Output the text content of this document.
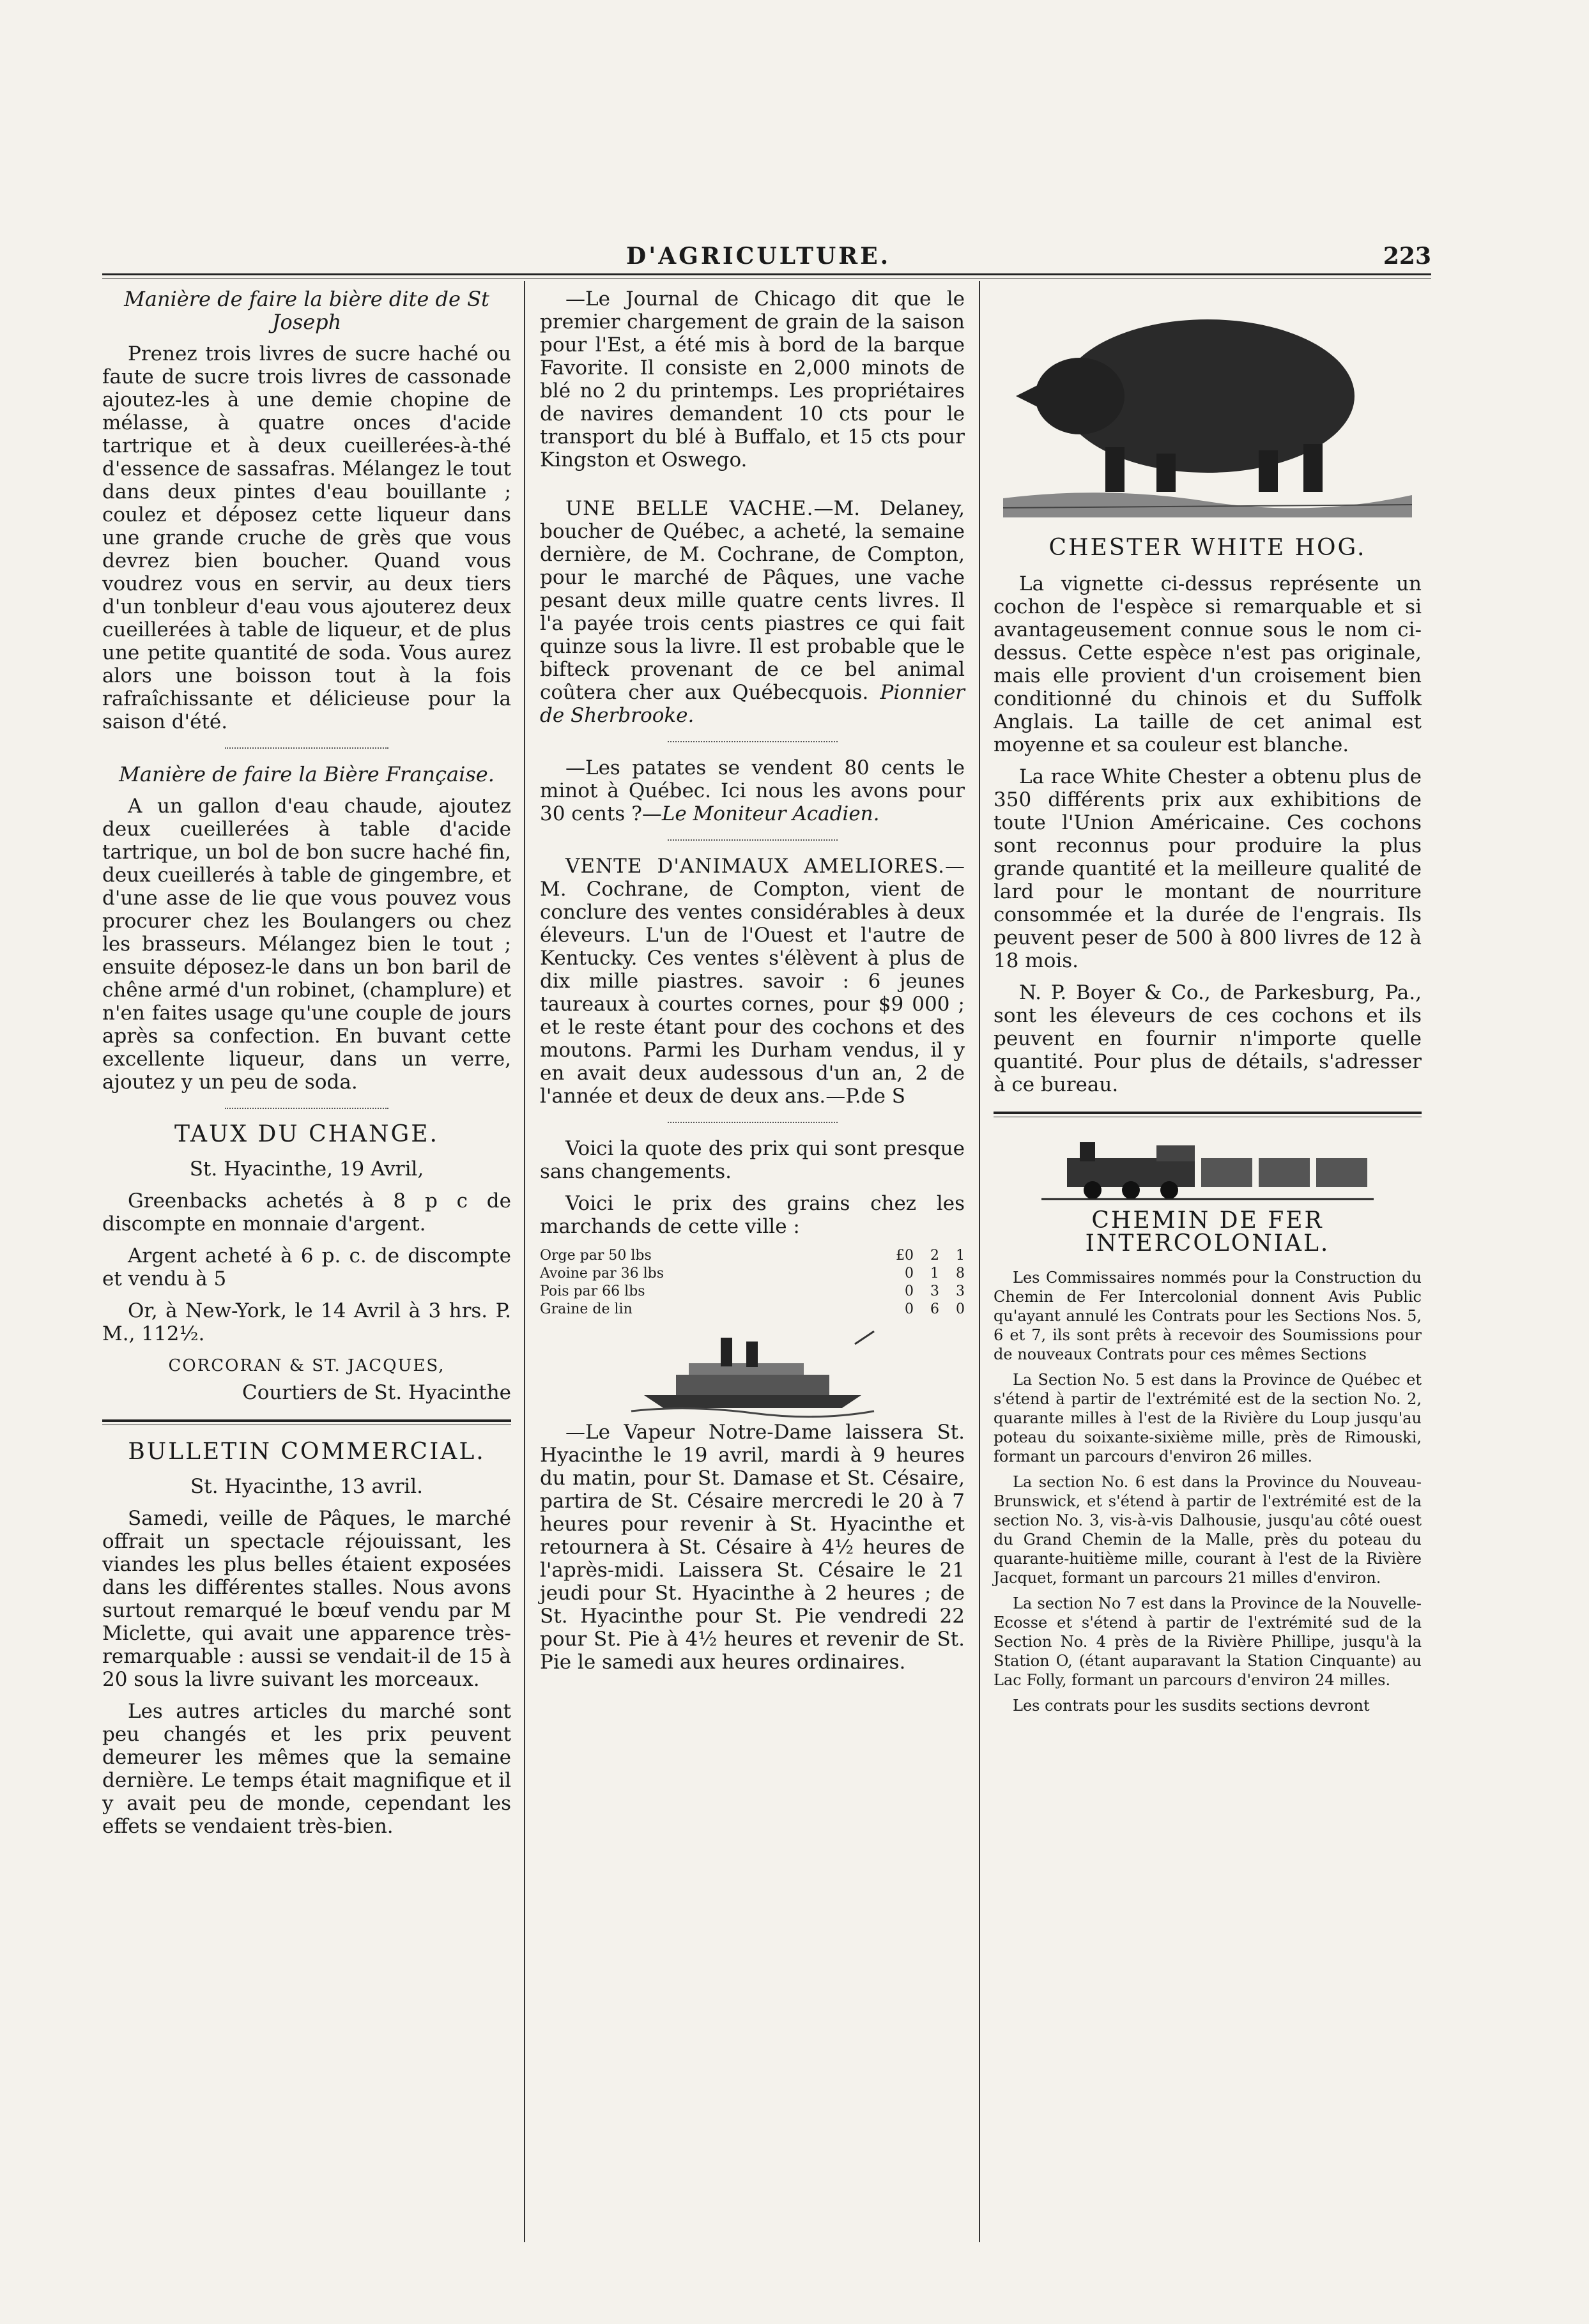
D'AGRICULTURE.	223
Manière de faire la bière dite de St Joseph

Prenez trois livres de sucre haché ou faute de sucre trois livres de cassonade ajoutez-les à une demie chopine de mélasse, à quatre onces d'acide tartrique et à deux cueillerées-à-thé d'essence de sassafras. Mélangez le tout dans deux pintes d'eau bouillante ; coulez et déposez cette liqueur dans une grande cruche de grès que vous devrez bien boucher. Quand vous voudrez vous en servir, au deux tiers d'un tonbleur d'eau vous ajouterez deux cueillerées à table de liqueur, et de plus une petite quantité de soda. Vous aurez alors une boisson tout à la fois rafraîchissante et délicieuse pour la saison d'été.

Manière de faire la Bière Française.

A un gallon d'eau chaude, ajoutez deux cueillerées à table d'acide tartrique, un bol de bon sucre haché fin, deux cueillerés à table de gingembre, et d'une asse de lie que vous pouvez vous procurer chez les Boulangers ou chez les brasseurs. Mélangez bien le tout ; ensuite déposez-le dans un bon baril de chêne armé d'un robinet, (champlure) et n'en faites usage qu'une couple de jours après sa confection. En buvant cette excellente liqueur, dans un verre, ajoutez y un peu de soda.

TAUX DU CHANGE.

St. Hyacinthe, 19 Avril,

Greenbacks achetés à 8 p c de discompte en monnaie d'argent.

Argent acheté à 6 p. c. de discompte et vendu à 5

Or, à New-York, le 14 Avril à 3 hrs. P. M., 112½.

CORCORAN & ST. JACQUES,
Courtiers de St. Hyacinthe
BULLETIN COMMERCIAL.

St. Hyacinthe, 13 avril.

Samedi, veille de Pâques, le marché offrait un spectacle réjouissant, les viandes les plus belles étaient exposées dans les différentes stalles. Nous avons surtout remarqué le bœuf vendu par M Miclette, qui avait une apparence très-remarquable : aussi se vendait-il de 15 à 20 sous la livre suivant les morceaux.

Les autres articles du marché sont peu changés et les prix peuvent demeurer les mêmes que la semaine dernière. Le temps était magnifique et il y avait peu de monde, cependant les effets se vendaient très-bien.

—Le Journal de Chicago dit que le premier chargement de grain de la saison pour l'Est, a été mis à bord de la barque Favorite. Il consiste en 2,000 minots de blé no 2 du printemps. Les propriétaires de navires demandent 10 cts pour le transport du blé à Buffalo, et 15 cts pour Kingston et Oswego.

UNE BELLE VACHE.—M. Delaney, boucher de Québec, a acheté, la semaine dernière, de M. Cochrane, de Compton, pour le marché de Pâques, une vache pesant deux mille quatre cents livres. Il l'a payée trois cents piastres ce qui fait quinze sous la livre. Il est probable que le bifteck provenant de ce bel animal coûtera cher aux Québecquois. Pionnier de Sherbrooke.

—Les patates se vendent 80 cents le minot à Québec. Ici nous les avons pour 30 cents ?—Le Moniteur Acadien.

VENTE D'ANIMAUX AMELIORES.—M. Cochrane, de Compton, vient de conclure des ventes considérables à deux éleveurs. L'un de l'Ouest et l'autre de Kentucky. Ces ventes s'élèvent à plus de dix mille piastres. savoir : 6 jeunes taureaux à courtes cornes, pour $9 000 ; et le reste étant pour des cochons et des moutons. Parmi les Durham vendus, il y en avait deux audessous d'un an, 2 de l'année et deux de deux ans.—P.de S

Voici la quote des prix qui sont presque sans changements.

Voici le prix des grains chez les marchands de cette ville :

Orge par 50 lbs	£0	2	1
Avoine par 36 lbs	0	1	8
Pois par 66 lbs	0	3	3
Graine de lin	0	6	0

—Le Vapeur Notre-Dame laissera St. Hyacinthe le 19 avril, mardi à 9 heures du matin, pour St. Damase et St. Césaire, partira de St. Césaire mercredi le 20 à 7 heures pour revenir à St. Hyacinthe et retournera à St. Césaire à 4½ heures de l'après-midi. Laissera St. Césaire le 21 jeudi pour St. Hyacinthe à 2 heures ; de St. Hyacinthe pour St. Pie vendredi 22 pour St. Pie à 4½ heures et revenir de St. Pie le samedi aux heures ordinaires.

CHESTER WHITE HOG.

La vignette ci-dessus représente un cochon de l'espèce si remarquable et si avantageusement connue sous le nom ci-dessus. Cette espèce n'est pas originale, mais elle provient d'un croisement bien conditionné du chinois et du Suffolk Anglais. La taille de cet animal est moyenne et sa couleur est blanche.

La race White Chester a obtenu plus de 350 différents prix aux exhibitions de toute l'Union Américaine. Ces cochons sont reconnus pour produire la plus grande quantité et la meilleure qualité de lard pour le montant de nourriture consommée et la durée de l'engrais. Ils peuvent peser de 500 à 800 livres de 12 à 18 mois.

N. P. Boyer & Co., de Parkesburg, Pa., sont les éleveurs de ces cochons et ils peuvent en fournir n'importe quelle quantité. Pour plus de détails, s'adresser à ce bureau.

CHEMIN DE FER INTERCOLONIAL.

Les Commissaires nommés pour la Construction du Chemin de Fer Intercolonial donnent Avis Public qu'ayant annulé les Contrats pour les Sections Nos. 5, 6 et 7, ils sont prêts à recevoir des Soumissions pour de nouveaux Contrats pour ces mêmes Sections

La Section No. 5 est dans la Province de Québec et s'étend à partir de l'extrémité est de la section No. 2, quarante milles à l'est de la Rivière du Loup jusqu'au poteau du soixante-sixième mille, près de Rimouski, formant un parcours d'environ 26 milles.

La section No. 6 est dans la Province du Nouveau-Brunswick, et s'étend à partir de l'extrémité est de la section No. 3, vis-à-vis Dalhousie, jusqu'au côté ouest du Grand Chemin de la Malle, près du poteau du quarante-huitième mille, courant à l'est de la Rivière Jacquet, formant un parcours 21 milles d'environ.

La section No 7 est dans la Province de la Nouvelle-Ecosse et s'étend à partir de l'extrémité sud de la Section No. 4 près de la Rivière Phillipe, jusqu'à la Station O, (étant auparavant la Station Cinquante) au Lac Folly, formant un parcours d'environ 24 milles.

Les contrats pour les susdits sections devront
